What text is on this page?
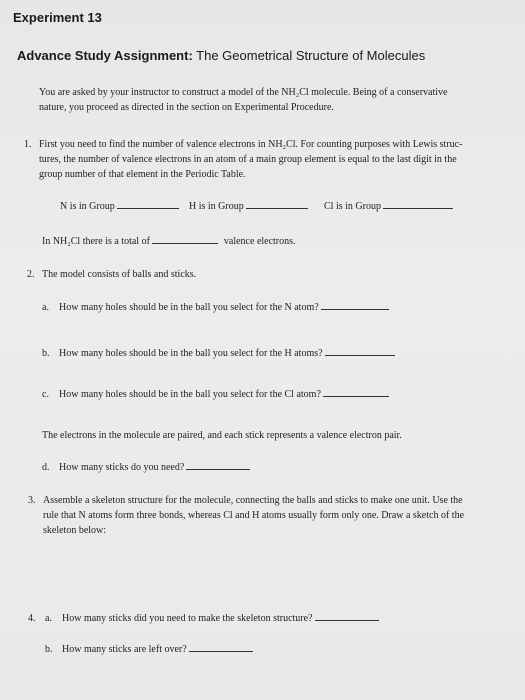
Experiment 13
Advance Study Assignment: The Geometrical Structure of Molecules
You are asked by your instructor to construct a model of the NH₂Cl molecule. Being of a conservative
nature, you proceed as directed in the section on Experimental Procedure.
1. First you need to find the number of valence electrons in NH₂Cl. For counting purposes with Lewis struc-
tures, the number of valence electrons in an atom of a main group element is equal to the last digit in the
group number of that element in the Periodic Table.
N is in Group	H is in Group	Cl is in Group
In NH₂Cl there is a total of	valence electrons.
2. The model consists of balls and sticks.
a. How many holes should be in the ball you select for the N atom?
b. How many holes should be in the ball you select for the H atoms?
c. How many holes should be in the ball you select for the Cl atom?
The electrons in the molecule are paired, and each stick represents a valence electron pair.
d. How many sticks do you need?
3. Assemble a skeleton structure for the molecule, connecting the balls and sticks to make one unit. Use the
rule that N atoms form three bonds, whereas Cl and H atoms usually form only one. Draw a sketch of the
skeleton below:
4. a. How many sticks did you need to make the skeleton structure?
b. How many sticks are left over?
